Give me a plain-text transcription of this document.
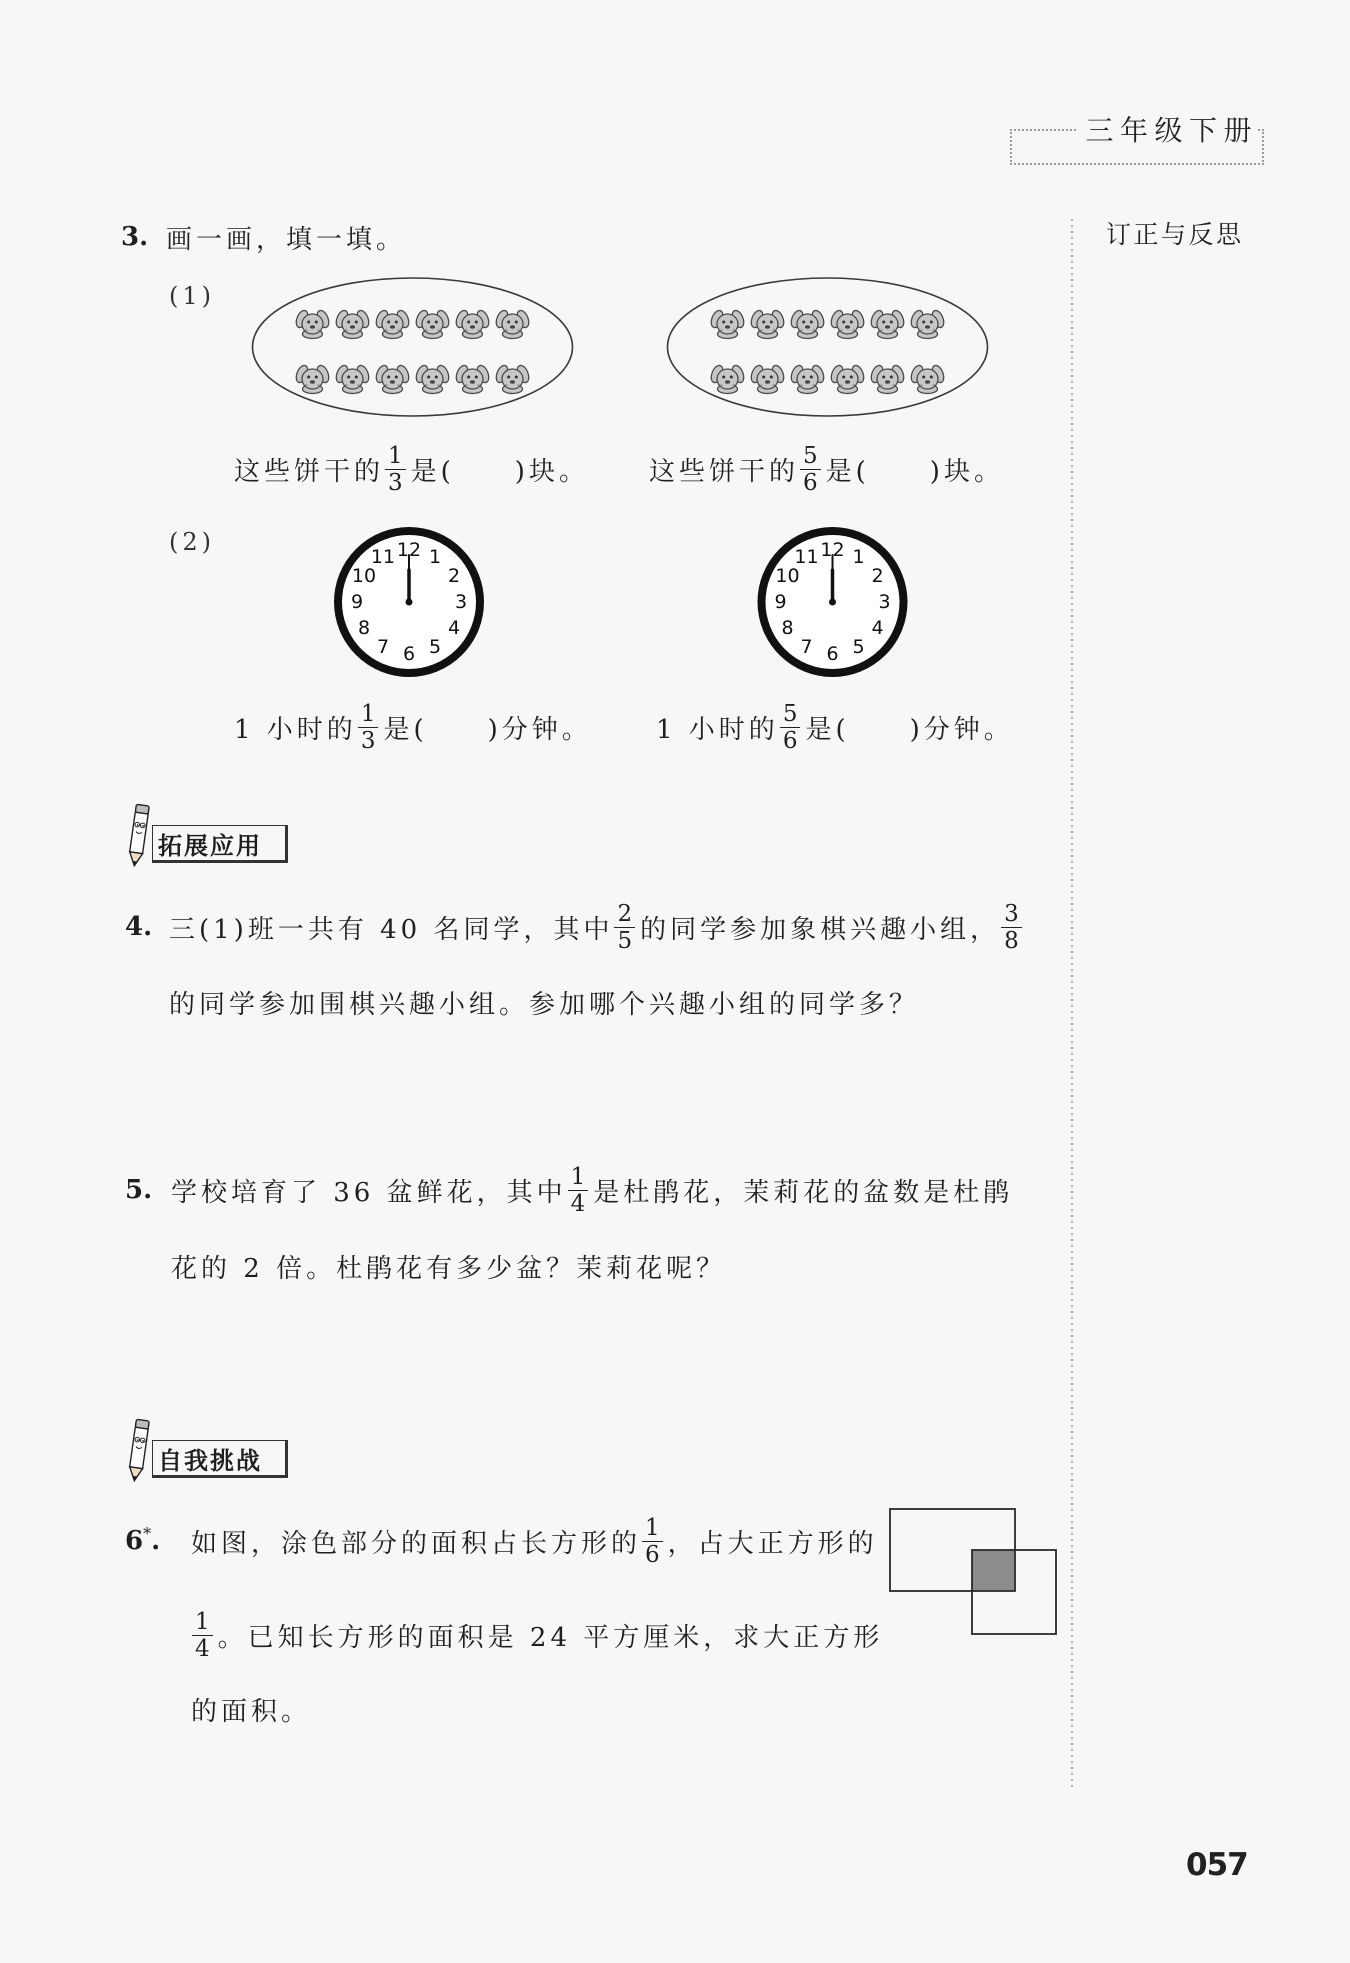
12 1
2
3
4
5
6
7
8
9
10
11	12 1
2
3
4
5
6
7
8
9
10
11
三年级下册
订正与反思
3. 画一画，填一填。
(1)
这些饼干的 $\frac{1}{3}$ 是(　　)块。 这些饼干的 $\frac{5}{6}$ 是(　　)块。
(2)
1 小时的 $\frac{1}{3}$ 是(　　)分钟。 1 小时的 $\frac{5}{6}$ 是(　　)分钟。
拓展应用
4. 三(1)班一共有 40 名同学，其中 $\frac{2}{5}$ 的同学参加象棋兴趣小组， $\frac{3}{8}$
的同学参加围棋兴趣小组。参加哪个兴趣小组的同学多？
5. 学校培育了 36 盆鲜花，其中 $\frac{1}{4}$ 是杜鹃花，茉莉花的盆数是杜鹃
花的 2 倍。杜鹃花有多少盆？茉莉花呢？
自我挑战
6*.	如图，涂色部分的面积占长方形的 $\frac{1}{6}$ ，占大正方形的
$\frac{1}{4}$ 。已知长方形的面积是 24 平方厘米，求大正方形
的面积。
057
